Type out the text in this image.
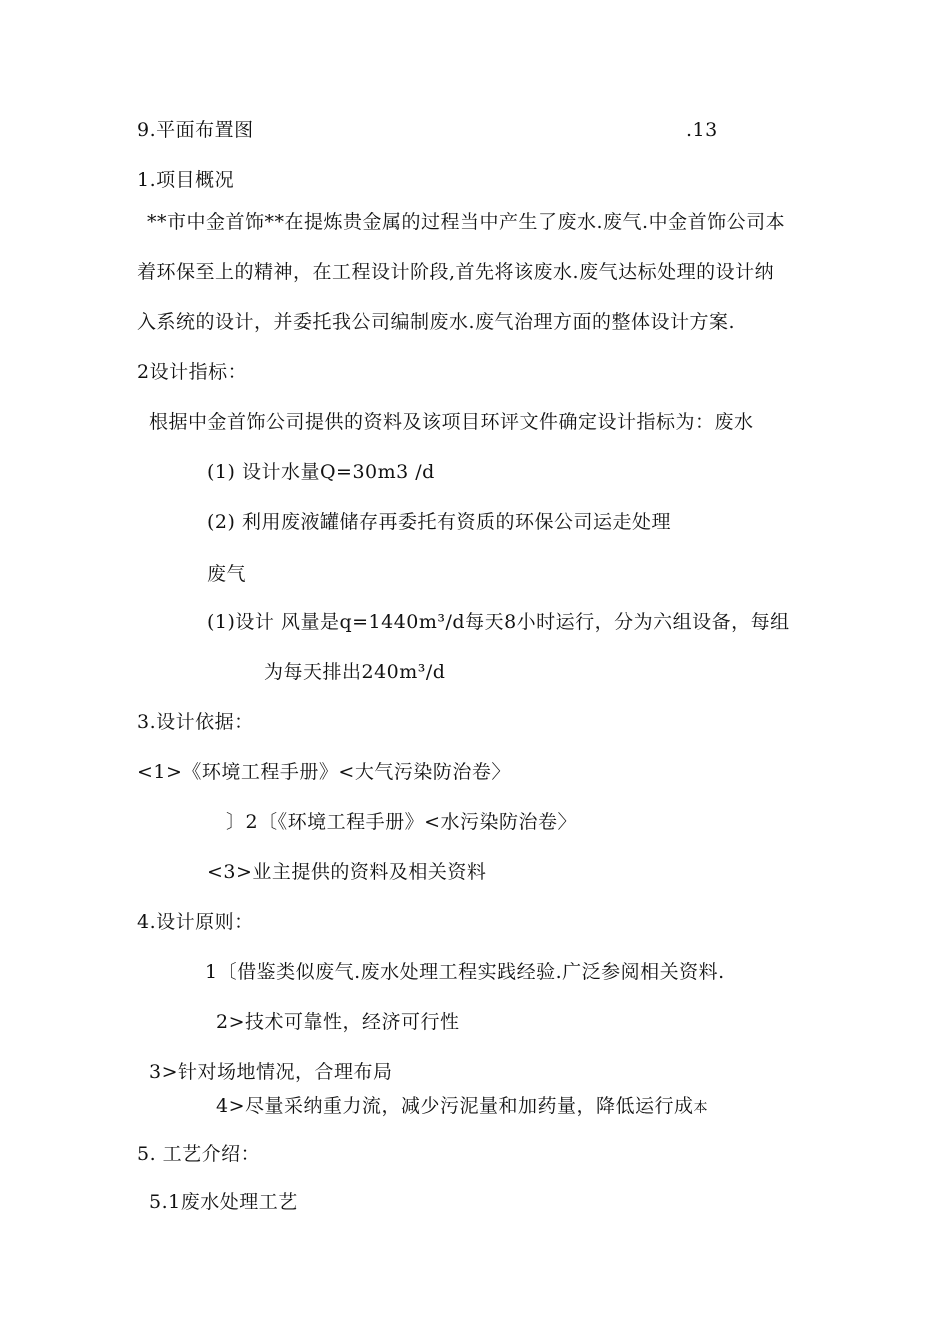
9.平面布置图	.13
1.项目概况
**市中金首饰**在提炼贵金属的过程当中产生了废水.废气.中金首饰公司本
着环保至上的精神，在工程设计阶段,首先将该废水.废气达标处理的设计纳
入系统的设计，并委托我公司编制废水.废气治理方面的整体设计方案.
2设计指标：
根据中金首饰公司提供的资料及该项目环评文件确定设计指标为：废水
(1) 设计水量Q=30m3 /d
(2) 利用废液罐储存再委托有资质的环保公司运走处理
废气
(1)设计 风量是q=1440m³/d每天8小时运行，分为六组设备，每组
为每天排出240m³/d
3.设计依据：
<1>《环境工程手册》<大气污染防治卷〉
〕2〔《环境工程手册》<水污染防治卷〉
<3>业主提供的资料及相关资料
4.设计原则：
1〔借鉴类似废气.废水处理工程实践经验.广泛参阅相关资料.
2>技术可靠性，经济可行性
3>针对场地情况，合理布局
4>尽量采纳重力流，减少污泥量和加药量，降低运行成本
5. 工艺介绍：
5.1废水处理工艺
